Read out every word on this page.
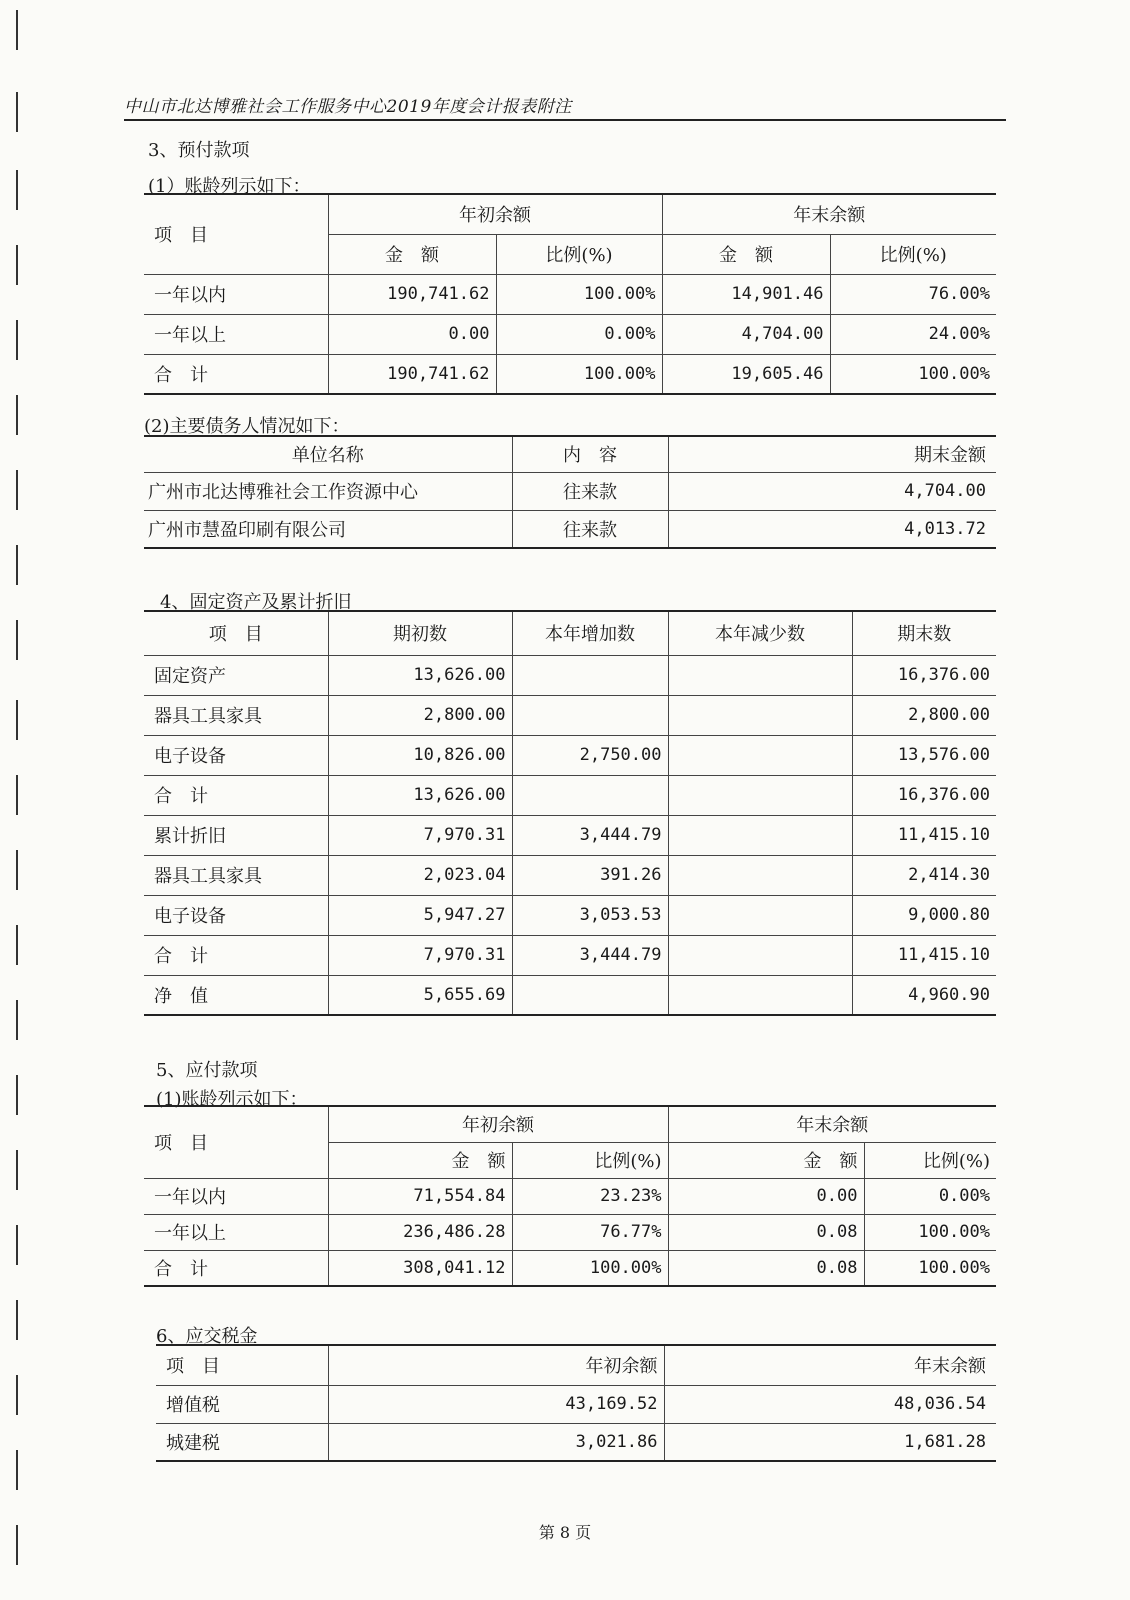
中山市北达博雅社会工作服务中心2019年度会计报表附注
3、预付款项
(1）账龄列示如下：
项　目	年初余额		年末余额	
	金　额	比例(%)	金　额	比例(%)
一年以内	190,741.62	100.00%	14,901.46	76.00%
一年以上	0.00	0.00%	4,704.00	24.00%
合　计	190,741.62	100.00%	19,605.46	100.00%
(2)主要债务人情况如下：
单位名称	内　容	期末金额
广州市北达博雅社会工作资源中心	往来款	4,704.00
广州市慧盈印刷有限公司	往来款	4,013.72
4、固定资产及累计折旧
项　目	期初数	本年增加数	本年减少数	期末数
固定资产	13,626.00			16,376.00
器具工具家具	2,800.00			2,800.00
电子设备	10,826.00	2,750.00		13,576.00
合　计	13,626.00			16,376.00
累计折旧	7,970.31	3,444.79		11,415.10
器具工具家具	2,023.04	391.26		2,414.30
电子设备	5,947.27	3,053.53		9,000.80
合　计	7,970.31	3,444.79		11,415.10
净　值	5,655.69			4,960.90
5、应付款项
(1)账龄列示如下：
项　目	年初余额		年末余额	
	金　额	比例(%)	金　额	比例(%)
一年以内	71,554.84	23.23%	0.00	0.00%
一年以上	236,486.28	76.77%	0.08	100.00%
合　计	308,041.12	100.00%	0.08	100.00%
6、应交税金
项　目	年初余额	年末余额
增值税	43,169.52	48,036.54
城建税	3,021.86	1,681.28
第 8 页
